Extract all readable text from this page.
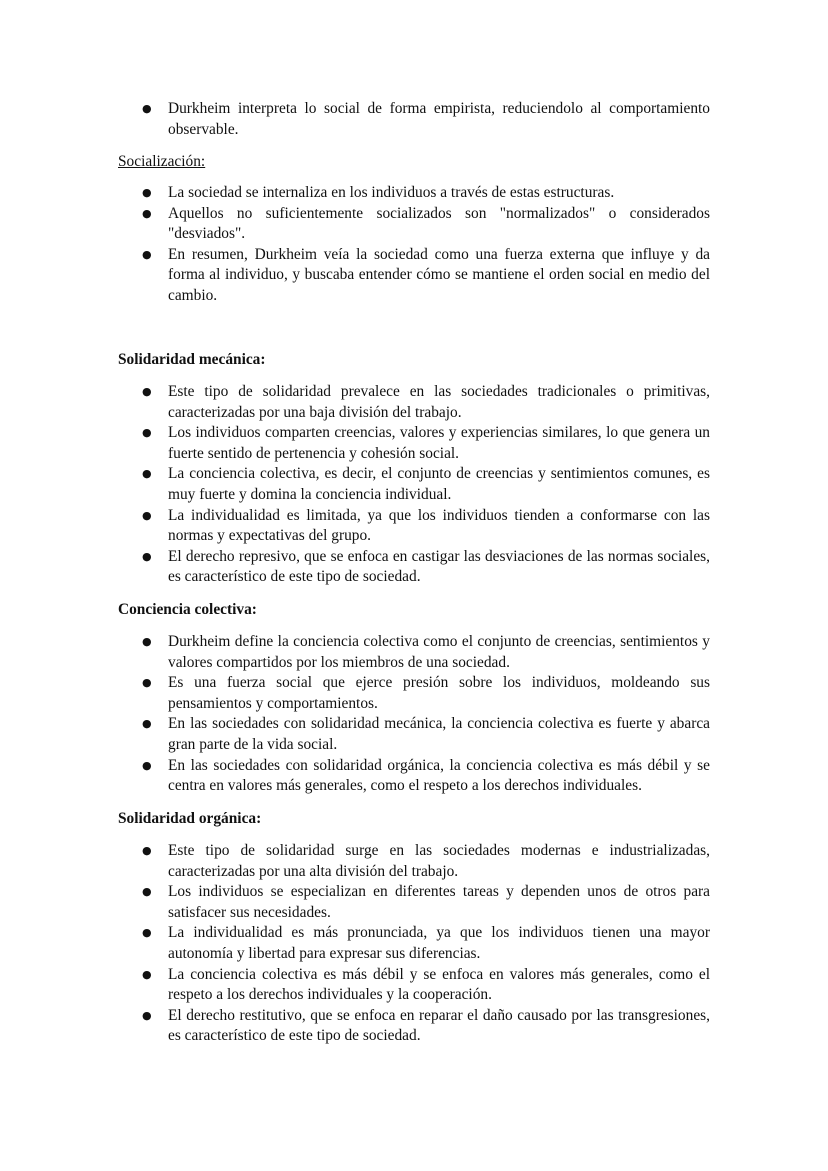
● Durkheim interpreta lo social de forma empirista, reduciendolo al comportamiento observable.
Socialización:
● La sociedad se internaliza en los individuos a través de estas estructuras.
● Aquellos no suficientemente socializados son "normalizados" o considerados "desviados".
● En resumen, Durkheim veía la sociedad como una fuerza externa que influye y da forma al individuo, y buscaba entender cómo se mantiene el orden social en medio del cambio.
Solidaridad mecánica:
● Este tipo de solidaridad prevalece en las sociedades tradicionales o primitivas, caracterizadas por una baja división del trabajo.
● Los individuos comparten creencias, valores y experiencias similares, lo que genera un fuerte sentido de pertenencia y cohesión social.
● La conciencia colectiva, es decir, el conjunto de creencias y sentimientos comunes, es muy fuerte y domina la conciencia individual.
● La individualidad es limitada, ya que los individuos tienden a conformarse con las normas y expectativas del grupo.
● El derecho represivo, que se enfoca en castigar las desviaciones de las normas sociales, es característico de este tipo de sociedad.
Conciencia colectiva:
● Durkheim define la conciencia colectiva como el conjunto de creencias, sentimientos y valores compartidos por los miembros de una sociedad.
● Es una fuerza social que ejerce presión sobre los individuos, moldeando sus pensamientos y comportamientos.
● En las sociedades con solidaridad mecánica, la conciencia colectiva es fuerte y abarca gran parte de la vida social.
● En las sociedades con solidaridad orgánica, la conciencia colectiva es más débil y se centra en valores más generales, como el respeto a los derechos individuales.
Solidaridad orgánica:
● Este tipo de solidaridad surge en las sociedades modernas e industrializadas, caracterizadas por una alta división del trabajo.
● Los individuos se especializan en diferentes tareas y dependen unos de otros para satisfacer sus necesidades.
● La individualidad es más pronunciada, ya que los individuos tienen una mayor autonomía y libertad para expresar sus diferencias.
● La conciencia colectiva es más débil y se enfoca en valores más generales, como el respeto a los derechos individuales y la cooperación.
● El derecho restitutivo, que se enfoca en reparar el daño causado por las transgresiones, es característico de este tipo de sociedad.
